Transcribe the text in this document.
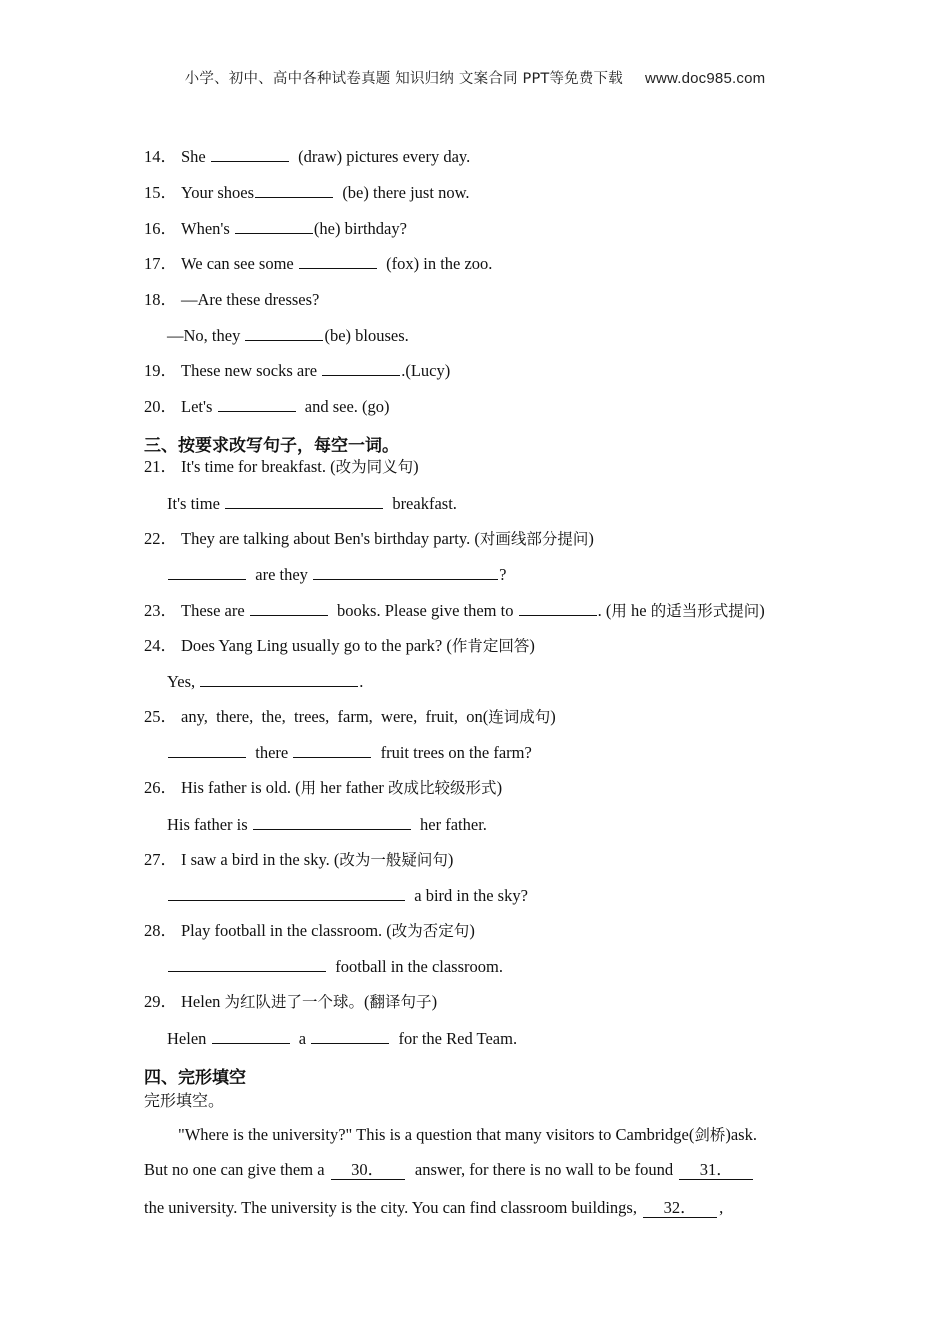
小学、初中、高中各种试卷真题 知识归纳 文案合同 PPT等免费下载 www.doc985.com
14． She	(draw) pictures every day.
15． Your shoes	(be) there just now.
16． When's	(he) birthday?
17． We can see some	(fox) in the zoo.
18． —Are these dresses?
—No, they	(be) blouses.
19． These new socks are	.(Lucy)
20． Let's	and see. (go)
三、按要求改写句子，每空一词。
21． It's time for breakfast. (改为同义句)
It's time	breakfast.
22． They are talking about Ben's birthday party. (对画线部分提问)
are they	?
23． These are	books. Please give them to	. (用 he 的适当形式提问)
24． Does Yang Ling usually go to the park? (作肯定回答)
Yes,	.
25． any,  there,  the,  trees,  farm,  were,  fruit,  on(连词成句)
there	fruit trees on the farm?
26． His father is old. (用 her father 改成比较级形式)
His father is	her father.
27． I saw a bird in the sky. (改为一般疑问句)
a bird in the sky?
28． Play football in the classroom. (改为否定句)
football in the classroom.
29． Helen 为红队进了一个球。(翻译句子)
Helen	a	for the Red Team.
四、完形填空
完形填空。
"Where is the university?" This is a question that many visitors to Cambridge(剑桥)ask.
But no one can give them a 30． answer, for there is no wall to be found 31．
the university. The university is the city. You can find classroom buildings, 32． ,
